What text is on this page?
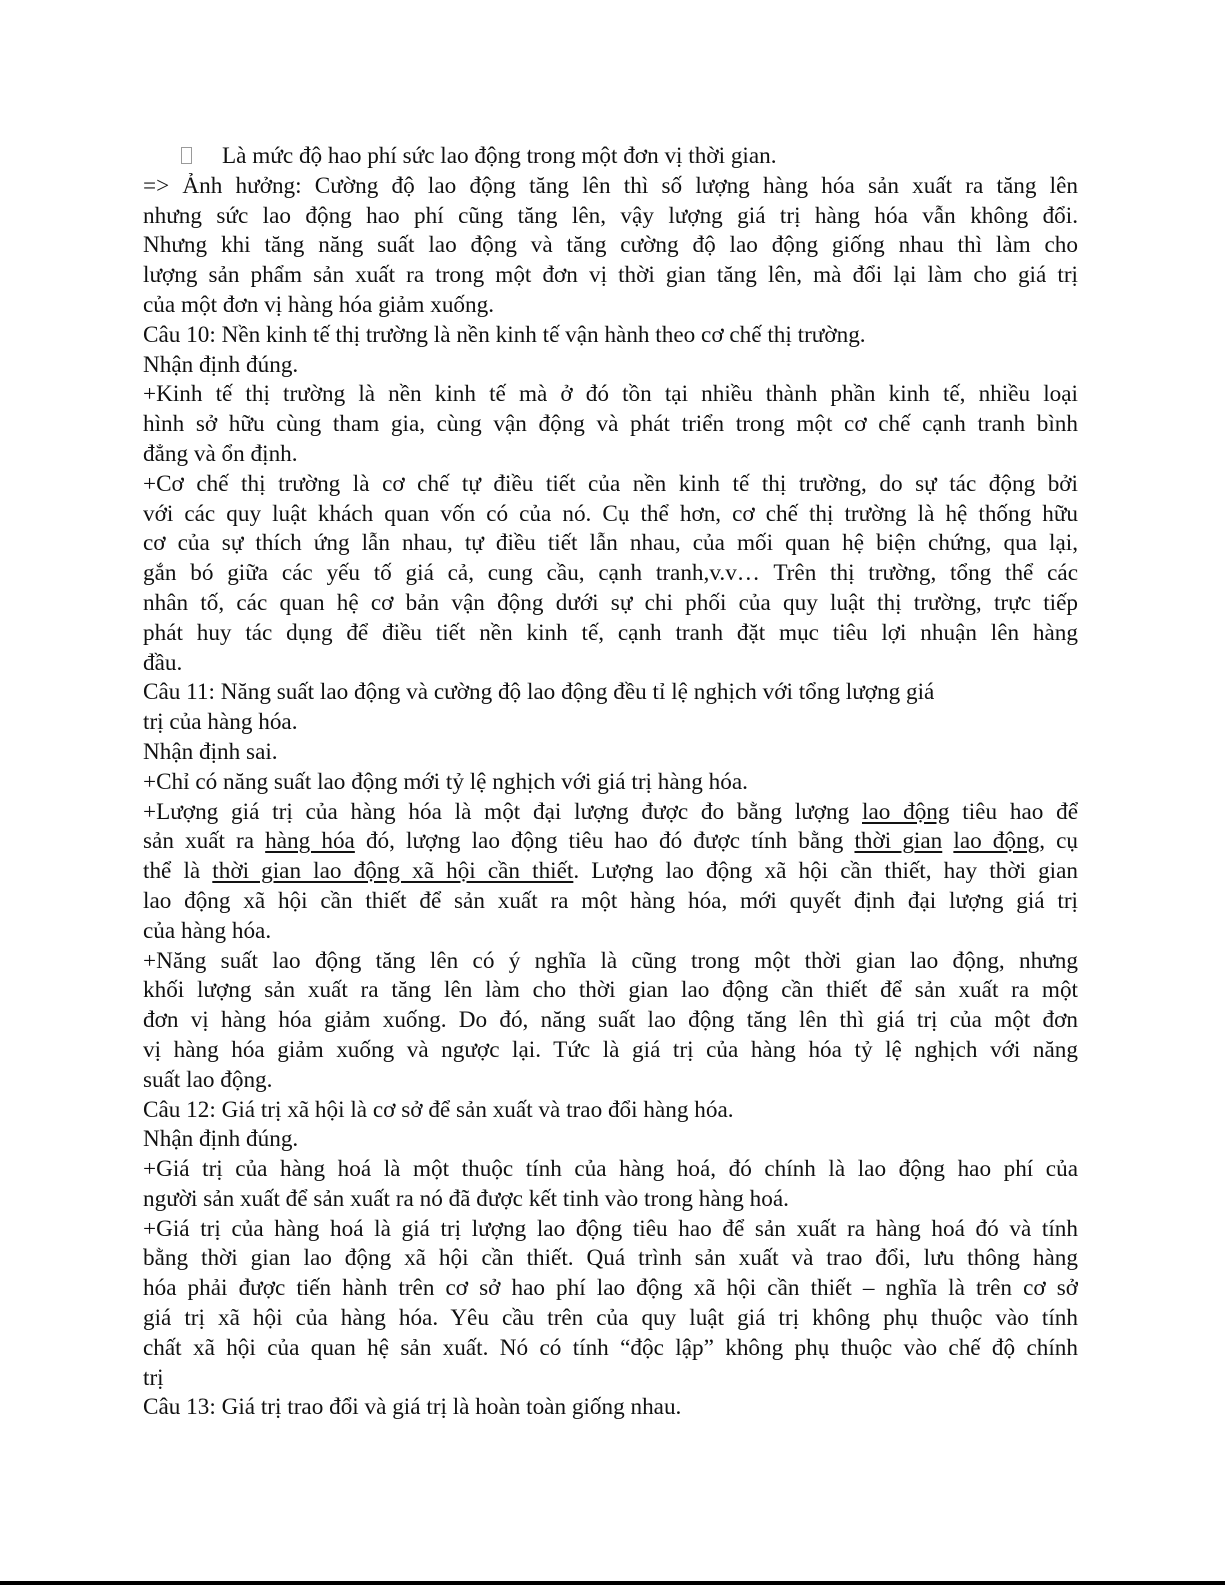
Là mức độ hao phí sức lao động trong một đơn vị thời gian.
=> Ảnh hưởng: Cường độ lao động tăng lên thì số lượng hàng hóa sản xuất ra tăng lên
nhưng sức lao động hao phí cũng tăng lên, vậy lượng giá trị hàng hóa vẫn không đổi.
Nhưng khi tăng năng suất lao động và tăng cường độ lao động giống nhau thì làm cho
lượng sản phẩm sản xuất ra trong một đơn vị thời gian tăng lên, mà đổi lại làm cho giá trị
của một đơn vị hàng hóa giảm xuống.
Câu 10: Nền kinh tế thị trường là nền kinh tế vận hành theo cơ chế thị trường.
Nhận định đúng.
+Kinh tế thị trường là nền kinh tế mà ở đó tồn tại nhiều thành phần kinh tế, nhiều loại
hình sở hữu cùng tham gia, cùng vận động và phát triển trong một cơ chế cạnh tranh bình
đẳng và ổn định.
+Cơ chế thị trường là cơ chế tự điều tiết của nền kinh tế thị trường, do sự tác động bởi
với các quy luật khách quan vốn có của nó. Cụ thể hơn, cơ chế thị trường là hệ thống hữu
cơ của sự thích ứng lẫn nhau, tự điều tiết lẫn nhau, của mối quan hệ biện chứng, qua lại,
gắn bó giữa các yếu tố giá cả, cung cầu, cạnh tranh,v.v… Trên thị trường, tổng thể các
nhân tố, các quan hệ cơ bản vận động dưới sự chi phối của quy luật thị trường, trực tiếp
phát huy tác dụng để điều tiết nền kinh tế, cạnh tranh đặt mục tiêu lợi nhuận lên hàng
đầu.
Câu 11: Năng suất lao động và cường độ lao động đều tỉ lệ nghịch với tổng lượng giá
trị của hàng hóa.
Nhận định sai.
+Chỉ có năng suất lao động mới tỷ lệ nghịch với giá trị hàng hóa.
+Lượng giá trị của hàng hóa là một đại lượng được đo bằng lượng lao động tiêu hao để
sản xuất ra hàng hóa đó, lượng lao động tiêu hao đó được tính bằng thời gian lao động, cụ
thể là thời gian lao động xã hội cần thiết. Lượng lao động xã hội cần thiết, hay thời gian
lao động xã hội cần thiết để sản xuất ra một hàng hóa, mới quyết định đại lượng giá trị
của hàng hóa.
+Năng suất lao động tăng lên có ý nghĩa là cũng trong một thời gian lao động, nhưng
khối lượng sản xuất ra tăng lên làm cho thời gian lao động cần thiết để sản xuất ra một
đơn vị hàng hóa giảm xuống. Do đó, năng suất lao động tăng lên thì giá trị của một đơn
vị hàng hóa giảm xuống và ngược lại. Tức là giá trị của hàng hóa tỷ lệ nghịch với năng
suất lao động.
Câu 12: Giá trị xã hội là cơ sở để sản xuất và trao đổi hàng hóa.
Nhận định đúng.
+Giá trị của hàng hoá là một thuộc tính của hàng hoá, đó chính là lao động hao phí của
người sản xuất để sản xuất ra nó đã được kết tinh vào trong hàng hoá.
+Giá trị của hàng hoá là giá trị lượng lao động tiêu hao để sản xuất ra hàng hoá đó và tính
bằng thời gian lao động xã hội cần thiết. Quá trình sản xuất và trao đổi, lưu thông hàng
hóa phải được tiến hành trên cơ sở hao phí lao động xã hội cần thiết – nghĩa là trên cơ sở
giá trị xã hội của hàng hóa. Yêu cầu trên của quy luật giá trị không phụ thuộc vào tính
chất xã hội của quan hệ sản xuất. Nó có tính “độc lập” không phụ thuộc vào chế độ chính
trị
Câu 13: Giá trị trao đổi và giá trị là hoàn toàn giống nhau.
